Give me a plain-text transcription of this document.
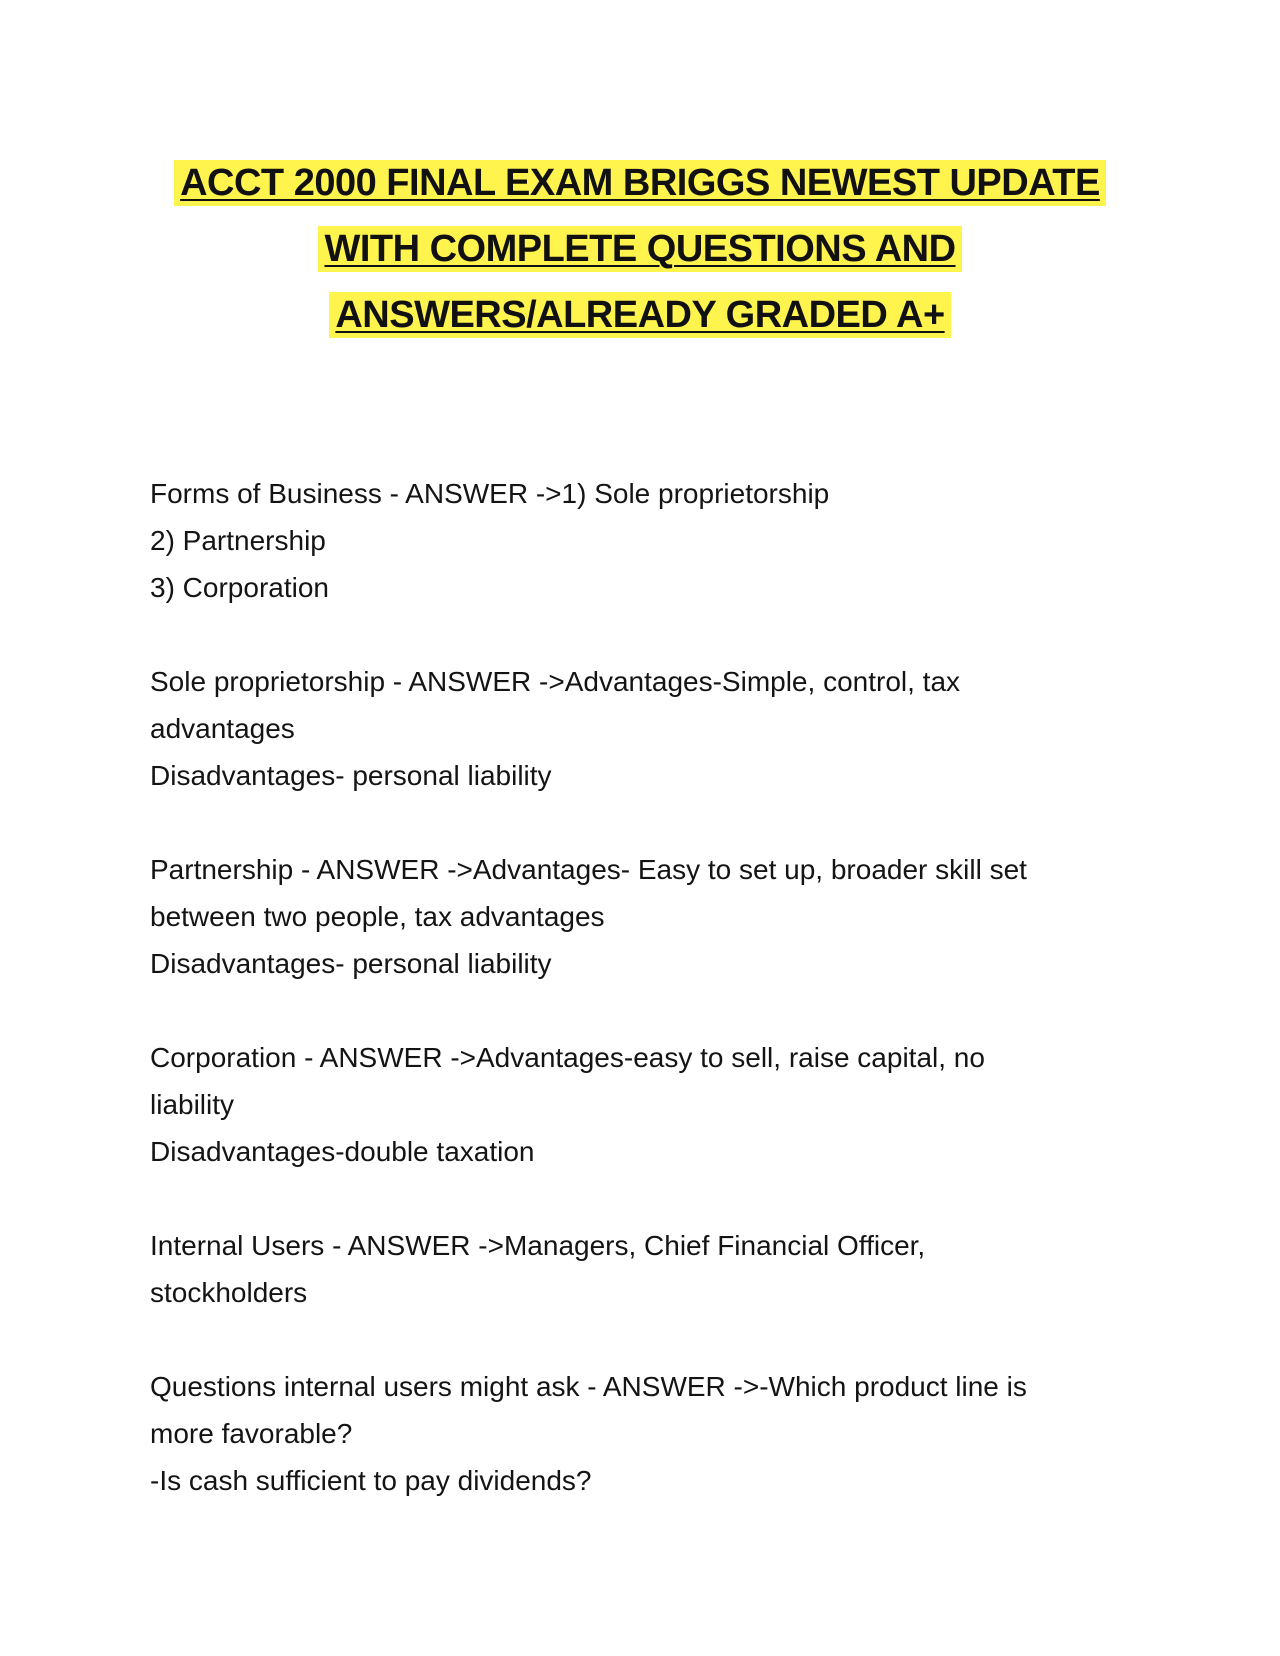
ACCT 2000 FINAL EXAM BRIGGS NEWEST UPDATE
WITH COMPLETE QUESTIONS AND
ANSWERS/ALREADY GRADED A+
Forms of Business - ANSWER ->1) Sole proprietorship
2) Partnership
3) Corporation
Sole proprietorship - ANSWER ->Advantages-Simple, control, tax
advantages
Disadvantages- personal liability
Partnership - ANSWER ->Advantages- Easy to set up, broader skill set
between two people, tax advantages
Disadvantages- personal liability
Corporation - ANSWER ->Advantages-easy to sell, raise capital, no
liability
Disadvantages-double taxation
Internal Users - ANSWER ->Managers, Chief Financial Officer,
stockholders
Questions internal users might ask - ANSWER ->-Which product line is
more favorable?
-Is cash sufficient to pay dividends?
